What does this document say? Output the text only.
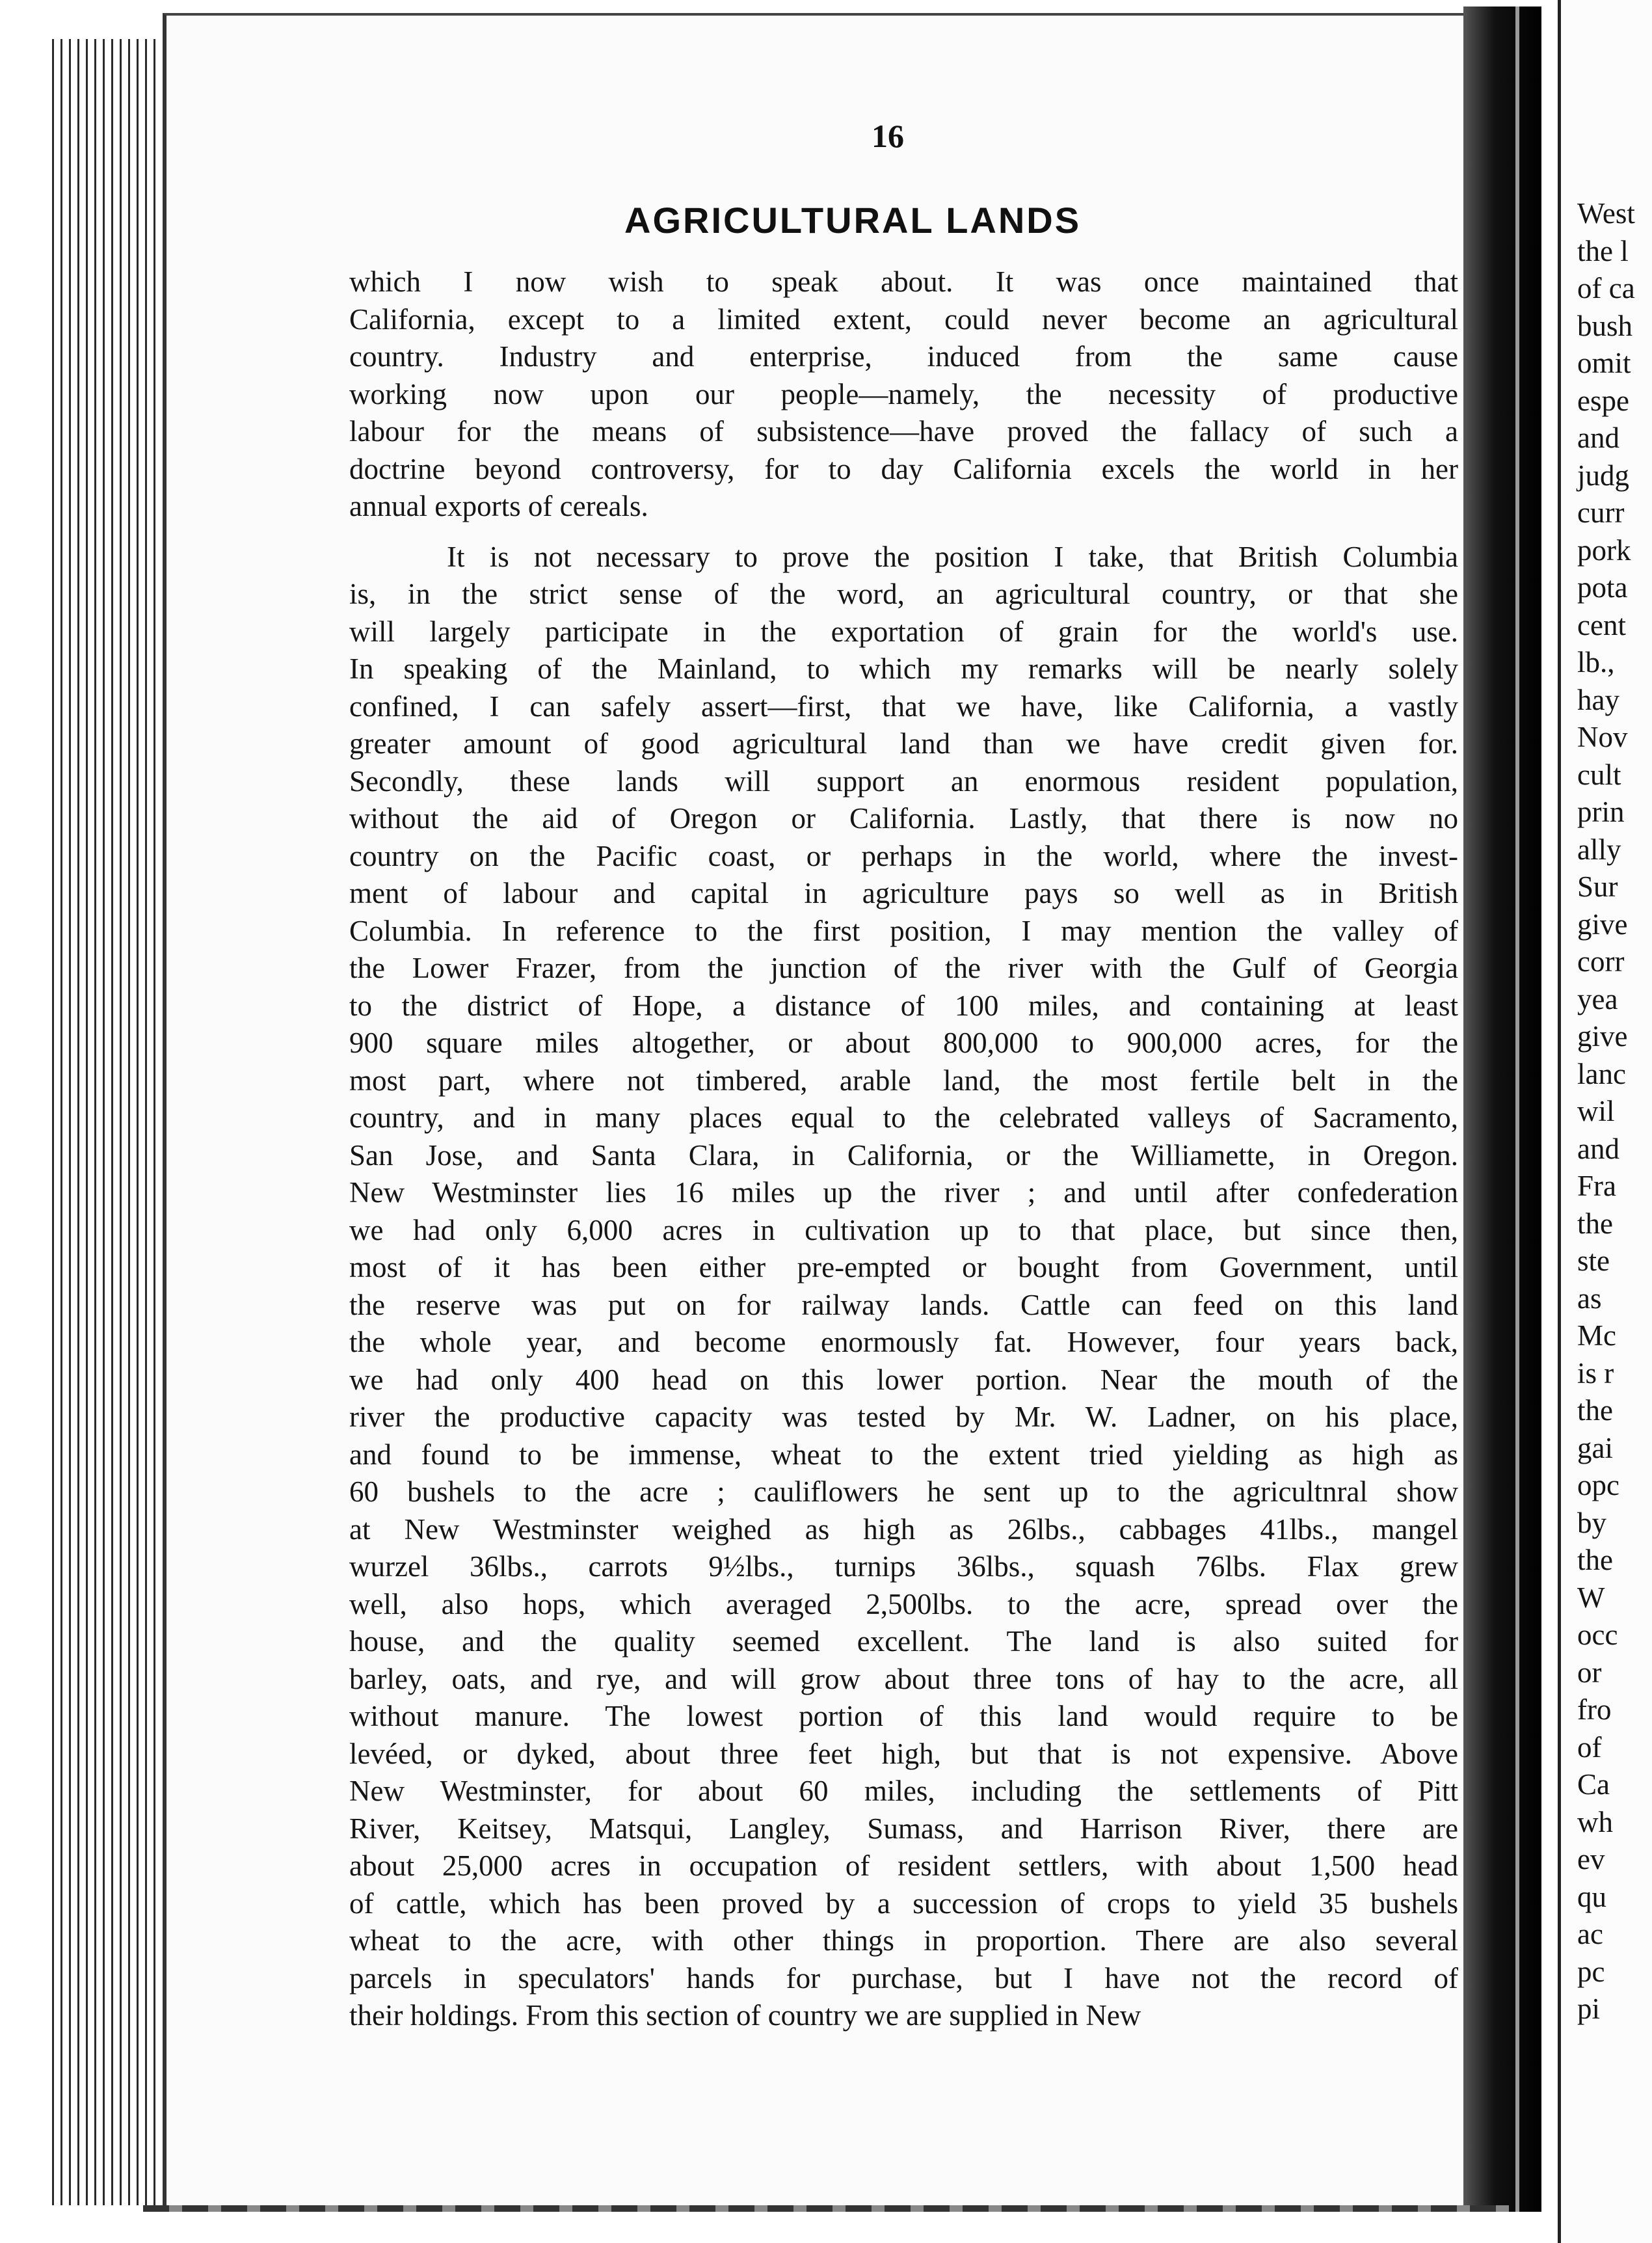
16
AGRICULTURAL LANDS
which I now wish to speak about. It was once maintained that
California, except to a limited extent, could never become an agricultural
country. Industry and enterprise, induced from the same cause
working now upon our people—namely, the necessity of productive
labour for the means of subsistence—have proved the fallacy of such a
doctrine beyond controversy, for to day California excels the world in her
annual exports of cereals.
It is not necessary to prove the position I take, that British Columbia
is, in the strict sense of the word, an agricultural country, or that she
will largely participate in the exportation of grain for the world's use.
In speaking of the Mainland, to which my remarks will be nearly solely
confined, I can safely assert—first, that we have, like California, a vastly
greater amount of good agricultural land than we have credit given for.
Secondly, these lands will support an enormous resident population,
without the aid of Oregon or California. Lastly, that there is now no
country on the Pacific coast, or perhaps in the world, where the invest-
ment of labour and capital in agriculture pays so well as in British
Columbia. In reference to the first position, I may mention the valley of
the Lower Frazer, from the junction of the river with the Gulf of Georgia
to the district of Hope, a distance of 100 miles, and containing at least
900 square miles altogether, or about 800,000 to 900,000 acres, for the
most part, where not timbered, arable land, the most fertile belt in the
country, and in many places equal to the celebrated valleys of Sacramento,
San Jose, and Santa Clara, in California, or the Williamette, in Oregon.
New Westminster lies 16 miles up the river ; and until after confederation
we had only 6,000 acres in cultivation up to that place, but since then,
most of it has been either pre-empted or bought from Government, until
the reserve was put on for railway lands. Cattle can feed on this land
the whole year, and become enormously fat. However, four years back,
we had only 400 head on this lower portion. Near the mouth of the
river the productive capacity was tested by Mr. W. Ladner, on his place,
and found to be immense, wheat to the extent tried yielding as high as
60 bushels to the acre ; cauliflowers he sent up to the agricultnral show
at New Westminster weighed as high as 26lbs., cabbages 41lbs., mangel
wurzel 36lbs., carrots 9½lbs., turnips 36lbs., squash 76lbs. Flax grew
well, also hops, which averaged 2,500lbs. to the acre, spread over the
house, and the quality seemed excellent. The land is also suited for
barley, oats, and rye, and will grow about three tons of hay to the acre, all
without manure. The lowest portion of this land would require to be
levéed, or dyked, about three feet high, but that is not expensive. Above
New Westminster, for about 60 miles, including the settlements of Pitt
River, Keitsey, Matsqui, Langley, Sumass, and Harrison River, there are
about 25,000 acres in occupation of resident settlers, with about 1,500 head
of cattle, which has been proved by a succession of crops to yield 35 bushels
wheat to the acre, with other things in proportion. There are also several
parcels in speculators' hands for purchase, but I have not the record of
their holdings. From this section of country we are supplied in New
West
the l
of ca
bush
omit
espe
and
judg
curr
pork
pota
cent
lb.,
hay
Nov
cult
prin
ally
Sur
give
corr
yea
give
lanc
wil
and
Fra
the
ste
as
Mc
is r
the
gai
opc
by
the
W
occ
or
fro
of
Ca
wh
ev
qu
ac
pc
pi
